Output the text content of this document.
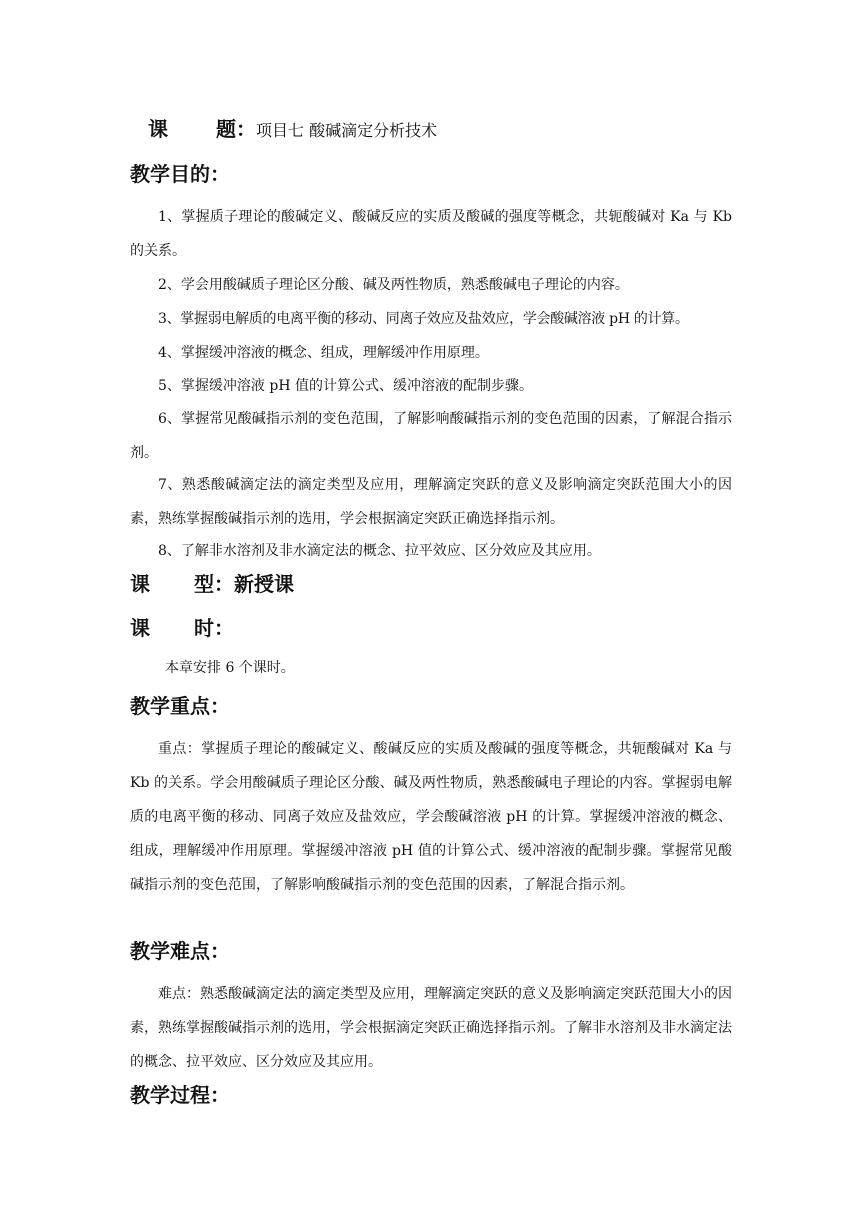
课 题：项目七 酸碱滴定分析技术
教学目的：
1、掌握质子理论的酸碱定义、酸碱反应的实质及酸碱的强度等概念，共轭酸碱对 Ka 与 Kb 的关系。
2、学会用酸碱质子理论区分酸、碱及两性物质，熟悉酸碱电子理论的内容。
3、掌握弱电解质的电离平衡的移动、同离子效应及盐效应，学会酸碱溶液 pH 的计算。
4、掌握缓冲溶液的概念、组成，理解缓冲作用原理。
5、掌握缓冲溶液 pH 值的计算公式、缓冲溶液的配制步骤。
6、掌握常见酸碱指示剂的变色范围，了解影响酸碱指示剂的变色范围的因素，了解混合指示剂。
7、熟悉酸碱滴定法的滴定类型及应用，理解滴定突跃的意义及影响滴定突跃范围大小的因素，熟练掌握酸碱指示剂的选用，学会根据滴定突跃正确选择指示剂。
8、了解非水溶剂及非水滴定法的概念、拉平效应、区分效应及其应用。
课 型：新授课
课 时：
本章安排 6 个课时。
教学重点：
重点：掌握质子理论的酸碱定义、酸碱反应的实质及酸碱的强度等概念，共轭酸碱对 Ka 与 Kb 的关系。学会用酸碱质子理论区分酸、碱及两性物质，熟悉酸碱电子理论的内容。掌握弱电解质的电离平衡的移动、同离子效应及盐效应，学会酸碱溶液 pH 的计算。掌握缓冲溶液的概念、组成，理解缓冲作用原理。掌握缓冲溶液 pH 值的计算公式、缓冲溶液的配制步骤。掌握常见酸碱指示剂的变色范围，了解影响酸碱指示剂的变色范围的因素，了解混合指示剂。
教学难点：
难点：熟悉酸碱滴定法的滴定类型及应用，理解滴定突跃的意义及影响滴定突跃范围大小的因素，熟练掌握酸碱指示剂的选用，学会根据滴定突跃正确选择指示剂。了解非水溶剂及非水滴定法的概念、拉平效应、区分效应及其应用。
教学过程：
